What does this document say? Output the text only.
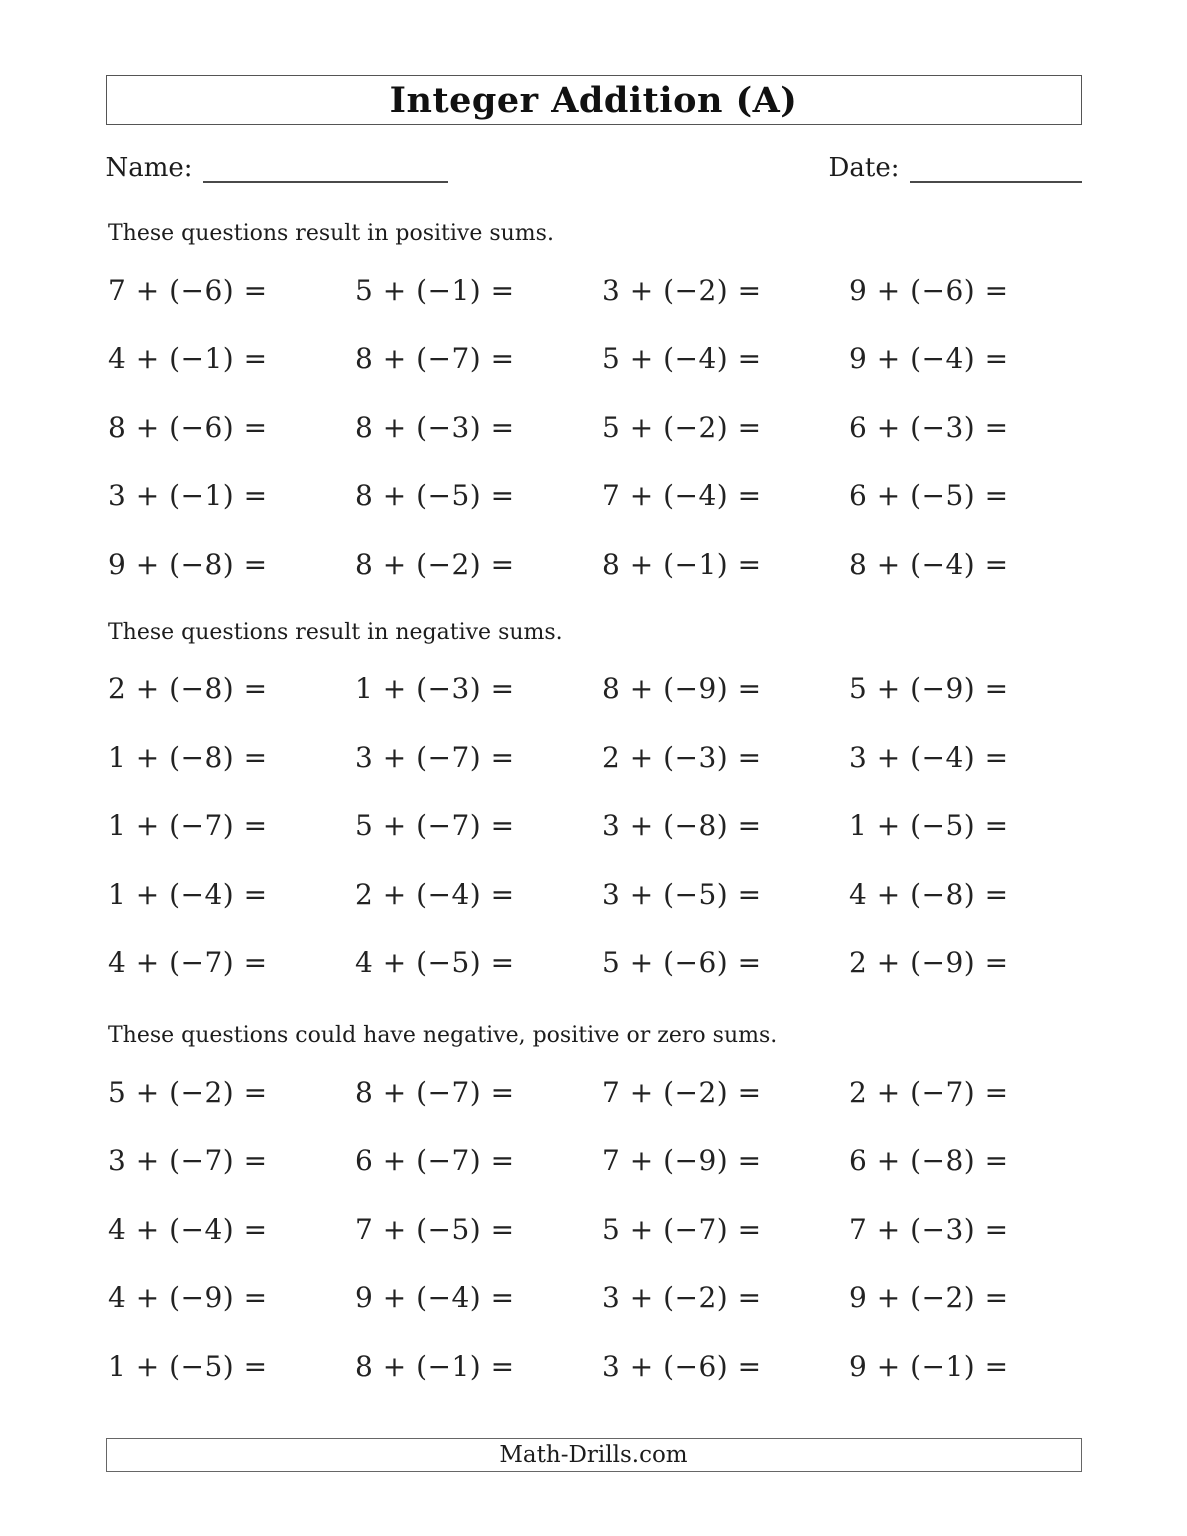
Integer Addition (A)
Name:	Date:

These questions result in positive sums.

7 + (−6) =	5 + (−1) =	3 + (−2) =	9 + (−6) =
4 + (−1) =	8 + (−7) =	5 + (−4) =	9 + (−4) =
8 + (−6) =	8 + (−3) =	5 + (−2) =	6 + (−3) =
3 + (−1) =	8 + (−5) =	7 + (−4) =	6 + (−5) =
9 + (−8) =	8 + (−2) =	8 + (−1) =	8 + (−4) =

These questions result in negative sums.

2 + (−8) =	1 + (−3) =	8 + (−9) =	5 + (−9) =
1 + (−8) =	3 + (−7) =	2 + (−3) =	3 + (−4) =
1 + (−7) =	5 + (−7) =	3 + (−8) =	1 + (−5) =
1 + (−4) =	2 + (−4) =	3 + (−5) =	4 + (−8) =
4 + (−7) =	4 + (−5) =	5 + (−6) =	2 + (−9) =

These questions could have negative, positive or zero sums.

5 + (−2) =	8 + (−7) =	7 + (−2) =	2 + (−7) =
3 + (−7) =	6 + (−7) =	7 + (−9) =	6 + (−8) =
4 + (−4) =	7 + (−5) =	5 + (−7) =	7 + (−3) =
4 + (−9) =	9 + (−4) =	3 + (−2) =	9 + (−2) =
1 + (−5) =	8 + (−1) =	3 + (−6) =	9 + (−1) =
Math-Drills.com
